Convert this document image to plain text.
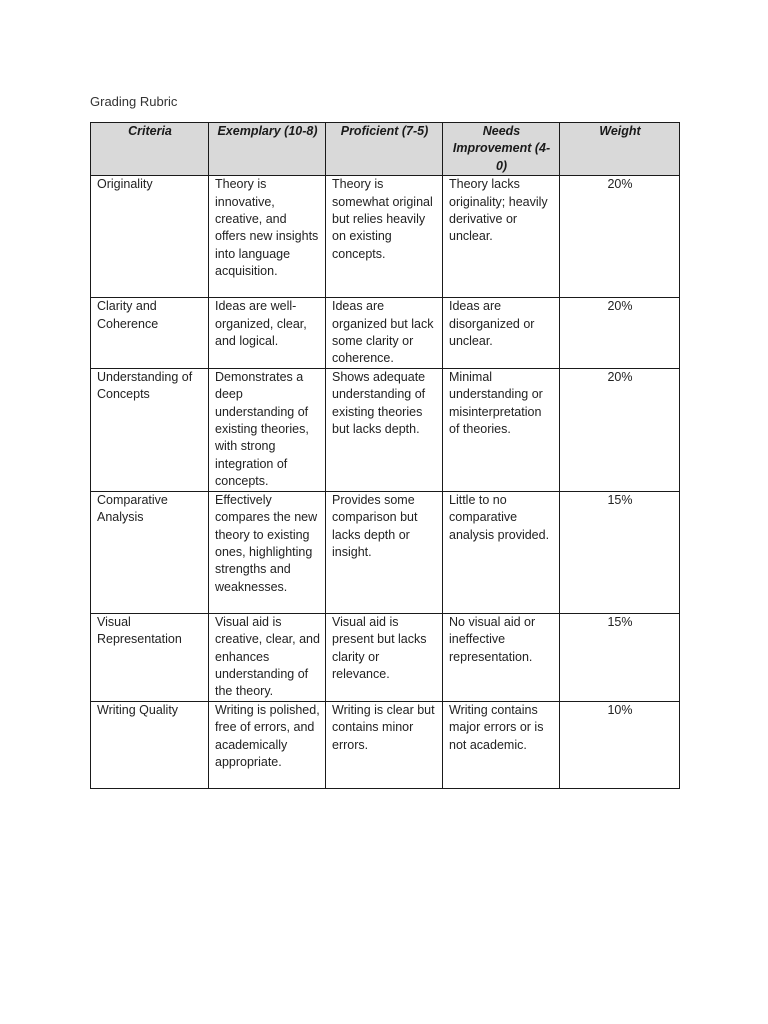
Grading Rubric
Criteria	Exemplary (10-8)	Proficient (7-5)	Needs Improvement (4-0)	Weight
Originality	Theory is innovative, creative, and offers new insights into language acquisition.	Theory is somewhat original but relies heavily on existing concepts.	Theory lacks originality; heavily derivative or unclear.	20%
Clarity and Coherence	Ideas are well-organized, clear, and logical.	Ideas are organized but lack some clarity or coherence.	Ideas are disorganized or unclear.	20%
Understanding of Concepts	Demonstrates a deep understanding of existing theories, with strong integration of concepts.	Shows adequate understanding of existing theories but lacks depth.	Minimal understanding or misinterpretation of theories.	20%
Comparative Analysis	Effectively compares the new theory to existing ones, highlighting strengths and weaknesses.	Provides some comparison but lacks depth or insight.	Little to no comparative analysis provided.	15%
Visual Representation	Visual aid is creative, clear, and enhances understanding of the theory.	Visual aid is present but lacks clarity or relevance.	No visual aid or ineffective representation.	15%
Writing Quality	Writing is polished, free of errors, and academically appropriate.	Writing is clear but contains minor errors.	Writing contains major errors or is not academic.	10%
